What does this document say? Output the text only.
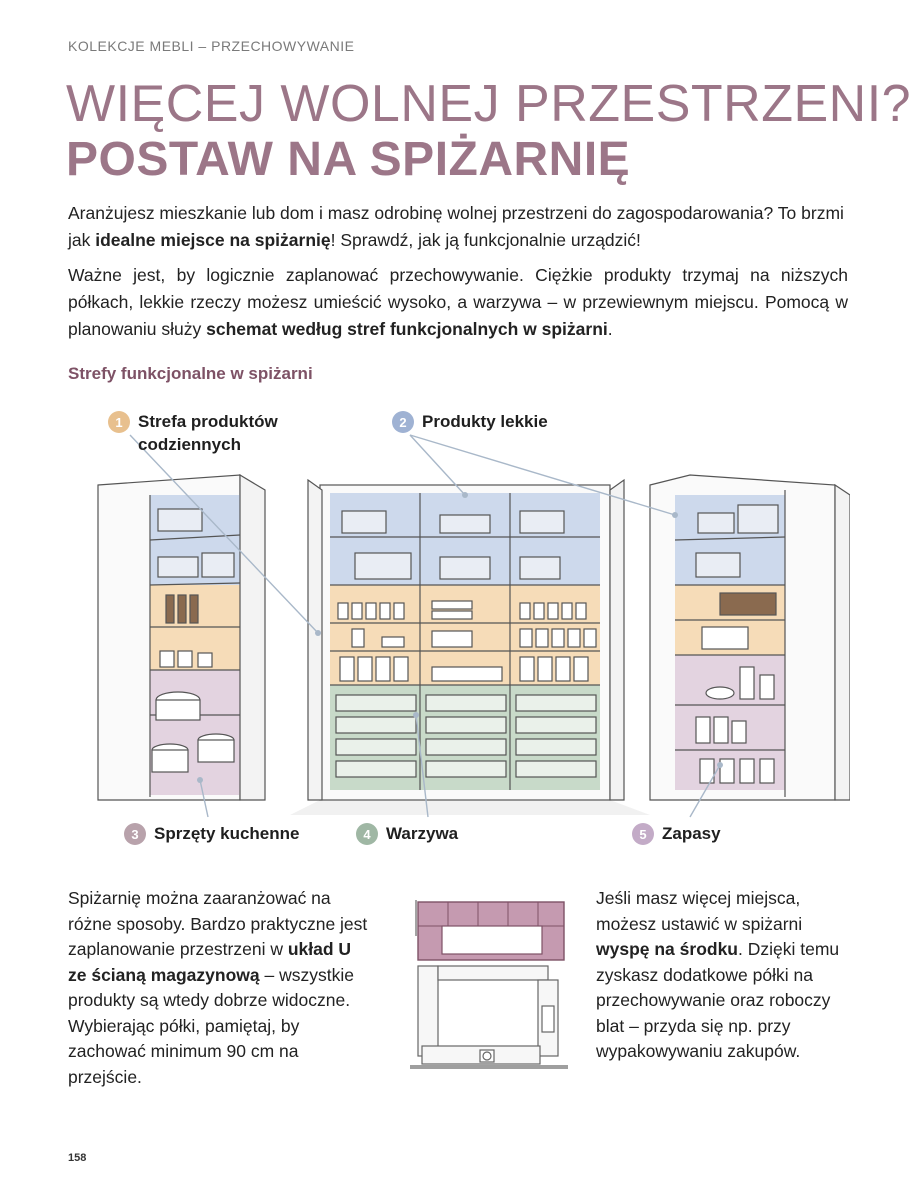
KOLEKCJE MEBLI – PRZECHOWYWANIE
WIĘCEJ WOLNEJ PRZESTRZENI?
POSTAW NA SPIŻARNIĘ

Aranżujesz mieszkanie lub dom i masz odrobinę wolnej przestrzeni do zagospodarowania? To brzmi jak idealne miejsce na spiżarnię! Sprawdź, jak ją funkcjonalnie urządzić!

Ważne jest, by logicznie zaplanować przechowywanie. Ciężkie produkty trzymaj na niższych półkach, lekkie rzeczy możesz umieścić wysoko, a warzywa – w przewiewnym miejscu. Pomocą w planowaniu służy schemat według stref funkcjonalnych w spiżarni.

Strefy funkcjonalne w spiżarni
1 Strefa produktów codziennych
2 Produkty lekkie
3 Sprzęty kuchenne	4 Warzywa	5 Zapasy

Spiżarnię można zaaranżować na różne sposoby. Bardzo praktyczne jest zaplanowanie przestrzeni w układ U ze ścianą magazynową – wszystkie produkty są wtedy dobrze widoczne. Wybierając półki, pamiętaj, by zachować minimum 90 cm na przejście.

Jeśli masz więcej miejsca, możesz ustawić w spiżarni wyspę na środku. Dzięki temu zyskasz dodatkowe półki na przechowywanie oraz roboczy blat – przyda się np. przy wypakowywaniu zakupów.

158
